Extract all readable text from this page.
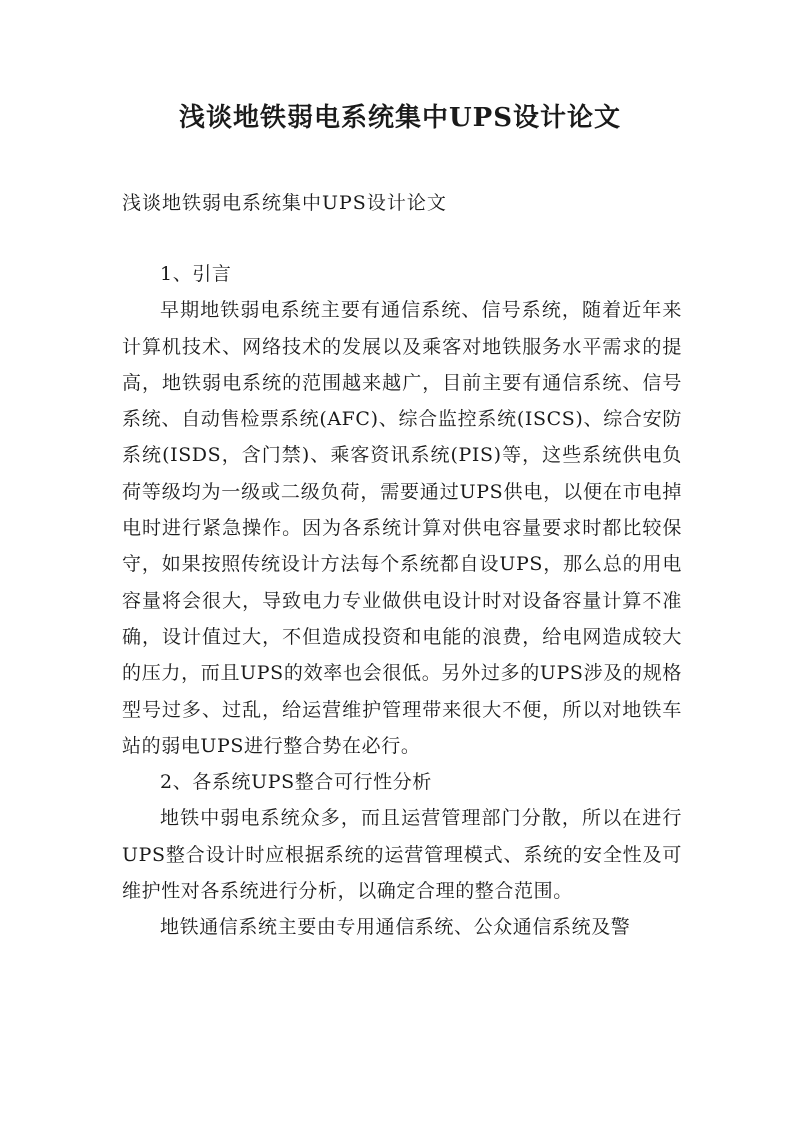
浅谈地铁弱电系统集中UPS设计论文

浅谈地铁弱电系统集中UPS设计论文

1、引言

早期地铁弱电系统主要有通信系统、信号系统，随着近年来计算机技术、网络技术的发展以及乘客对地铁服务水平需求的提高，地铁弱电系统的范围越来越广，目前主要有通信系统、信号系统、自动售检票系统(AFC)、综合监控系统(ISCS)、综合安防系统(ISDS，含门禁)、乘客资讯系统(PIS)等，这些系统供电负荷等级均为一级或二级负荷，需要通过UPS供电，以便在市电掉电时进行紧急操作。因为各系统计算对供电容量要求时都比较保守，如果按照传统设计方法每个系统都自设UPS，那么总的用电容量将会很大，导致电力专业做供电设计时对设备容量计算不准确，设计值过大，不但造成投资和电能的浪费，给电网造成较大的压力，而且UPS的效率也会很低。另外过多的UPS涉及的规格型号过多、过乱，给运营维护管理带来很大不便，所以对地铁车站的弱电UPS进行整合势在必行。

2、各系统UPS整合可行性分析

地铁中弱电系统众多，而且运营管理部门分散，所以在进行UPS整合设计时应根据系统的运营管理模式、系统的安全性及可维护性对各系统进行分析，以确定合理的整合范围。

地铁通信系统主要由专用通信系统、公众通信系统及警
